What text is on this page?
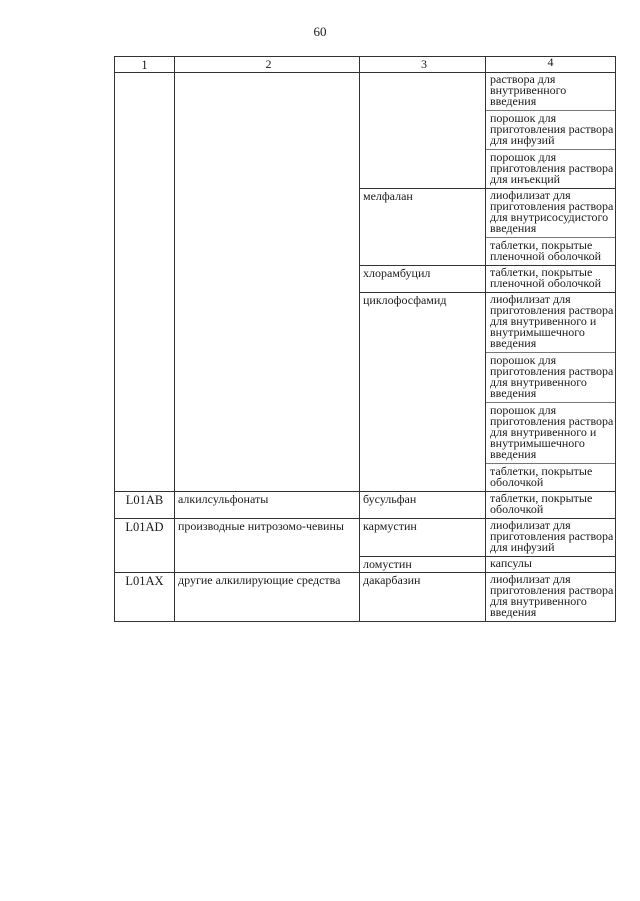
60
1	2	3	4

			раствора для внутривенного введения
порошок для приготовления раствора для инфузий
порошок для приготовления раствора для инъекций

		мелфалан	лиофилизат для приготовления раствора для внутрисосудистого введения
таблетки, покрытые пленочной оболочкой

		хлорамбуцил	таблетки, покрытые пленочной оболочкой

		циклофосфамид	лиофилизат для приготовления раствора для внутривенного и внутримышечного введения
порошок для приготовления раствора для внутривенного введения
порошок для приготовления раствора для внутривенного и внутримышечного введения
таблетки, покрытые оболочкой

L01AB	алкилсульфонаты	бусульфан	таблетки, покрытые оболочкой

L01AD	производные нитрозомо-чевины	кармустин	лиофилизат для приготовления раствора для инфузий

		ломустин	капсулы

L01AX	другие алкилирующие средства	дакарбазин	лиофилизат для приготовления раствора для внутривенного введения
